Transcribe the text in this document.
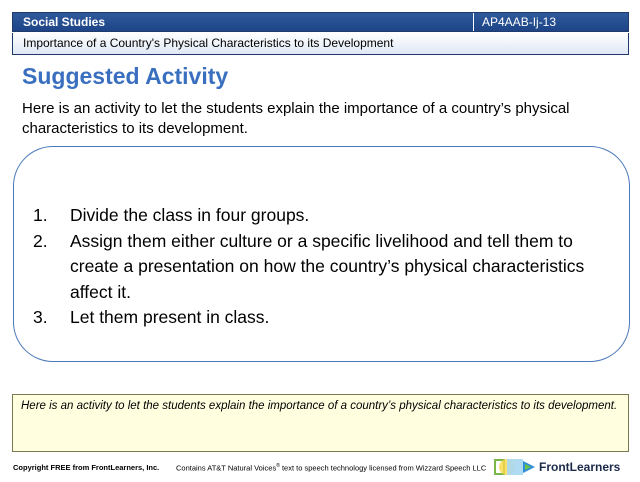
Social Studies	AP4AAB-Ij-13
Importance of a Country's Physical Characteristics to its Development
Suggested Activity
Here is an activity to let the students explain the importance of a country’s physical characteristics to its development.
1.	Divide the class in four groups.
2.	Assign them either culture or a specific livelihood and tell them to create a presentation on how the country’s physical characteristics affect it.
3.	Let them present in class.
Here is an activity to let the students explain the importance of a country’s physical characteristics to its development.
Copyright FREE from FrontLearners, Inc. Contains AT&T Natural Voices® text to speech technology licensed from Wizzard Speech LLC	FrontLearners
